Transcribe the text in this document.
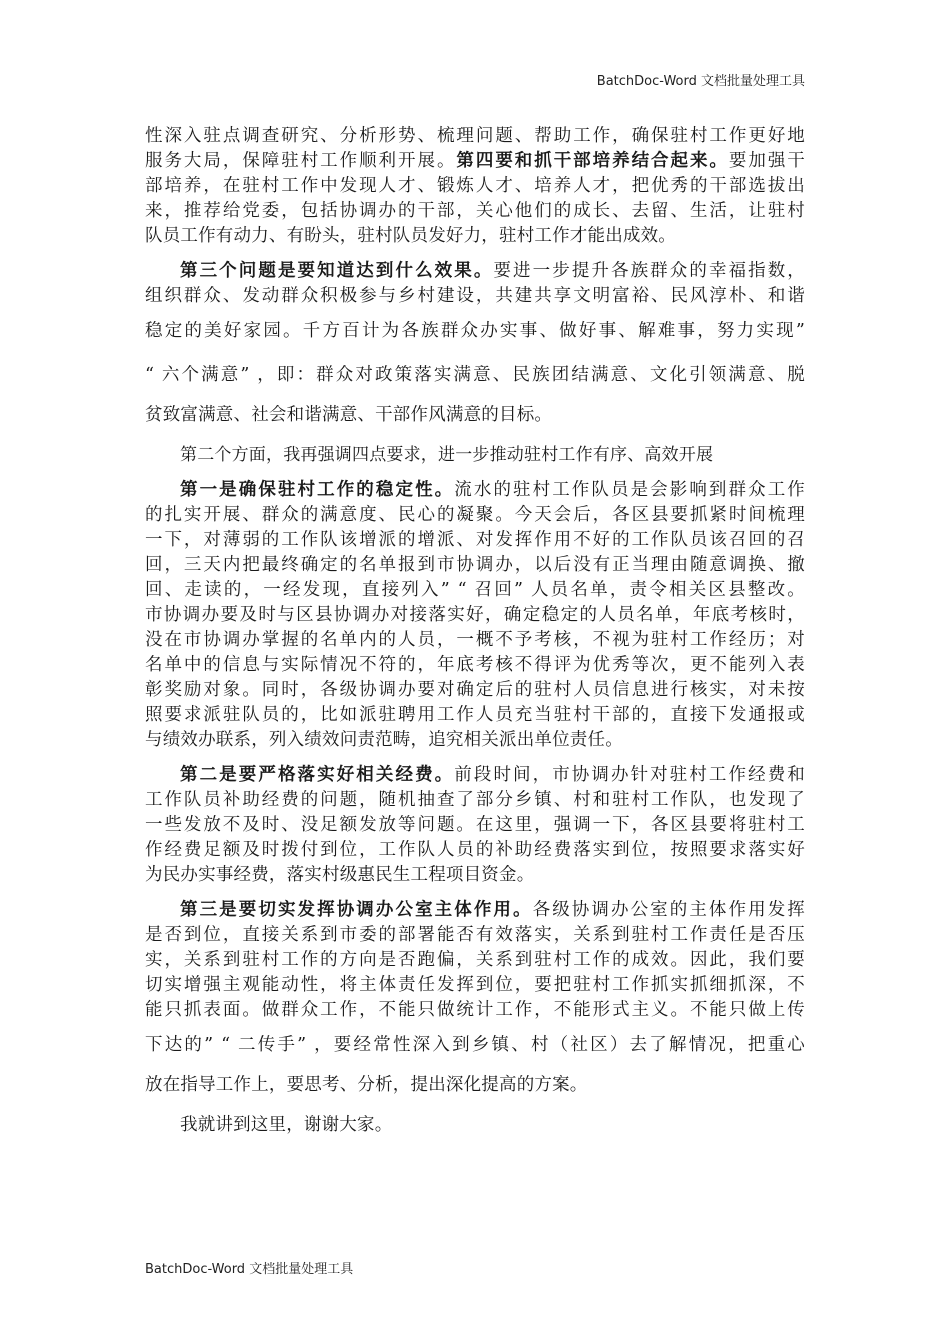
BatchDoc-Word 文档批量处理工具
性深入驻点调查研究、分析形势、梳理问题、帮助工作，确保驻村工作更好地
服务大局，保障驻村工作顺利开展。第四要和抓干部培养结合起来。要加强干
部培养，在驻村工作中发现人才、锻炼人才、培养人才，把优秀的干部选拔出
来，推荐给党委，包括协调办的干部，关心他们的成长、去留、生活，让驻村
队员工作有动力、有盼头，驻村队员发好力，驻村工作才能出成效。
第三个问题是要知道达到什么效果。要进一步提升各族群众的幸福指数，
组织群众、发动群众积极参与乡村建设，共建共享文明富裕、民风淳朴、和谐
稳定的美好家园。千方百计为各族群众办实事、做好事、解难事，努力实现”
“ 六个满意” ，即：群众对政策落实满意、民族团结满意、文化引领满意、脱
贫致富满意、社会和谐满意、干部作风满意的目标。
第二个方面，我再强调四点要求，进一步推动驻村工作有序、高效开展
第一是确保驻村工作的稳定性。流水的驻村工作队员是会影响到群众工作
的扎实开展、群众的满意度、民心的凝聚。今天会后，各区县要抓紧时间梳理
一下，对薄弱的工作队该增派的增派、对发挥作用不好的工作队员该召回的召
回，三天内把最终确定的名单报到市协调办，以后没有正当理由随意调换、撤
回、走读的，一经发现，直接列入” “ 召回” 人员名单，责令相关区县整改。
市协调办要及时与区县协调办对接落实好，确定稳定的人员名单，年底考核时，
没在市协调办掌握的名单内的人员，一概不予考核，不视为驻村工作经历；对
名单中的信息与实际情况不符的，年底考核不得评为优秀等次，更不能列入表
彰奖励对象。同时，各级协调办要对确定后的驻村人员信息进行核实，对未按
照要求派驻队员的，比如派驻聘用工作人员充当驻村干部的，直接下发通报或
与绩效办联系，列入绩效问责范畴，追究相关派出单位责任。
第二是要严格落实好相关经费。前段时间，市协调办针对驻村工作经费和
工作队员补助经费的问题，随机抽查了部分乡镇、村和驻村工作队，也发现了
一些发放不及时、没足额发放等问题。在这里，强调一下，各区县要将驻村工
作经费足额及时拨付到位，工作队人员的补助经费落实到位，按照要求落实好
为民办实事经费，落实村级惠民生工程项目资金。
第三是要切实发挥协调办公室主体作用。各级协调办公室的主体作用发挥
是否到位，直接关系到市委的部署能否有效落实，关系到驻村工作责任是否压
实，关系到驻村工作的方向是否跑偏，关系到驻村工作的成效。因此，我们要
切实增强主观能动性，将主体责任发挥到位，要把驻村工作抓实抓细抓深，不
能只抓表面。做群众工作，不能只做统计工作，不能形式主义。不能只做上传
下达的” “ 二传手” ，要经常性深入到乡镇、村（社区）去了解情况，把重心
放在指导工作上，要思考、分析，提出深化提高的方案。
我就讲到这里，谢谢大家。
BatchDoc-Word 文档批量处理工具
